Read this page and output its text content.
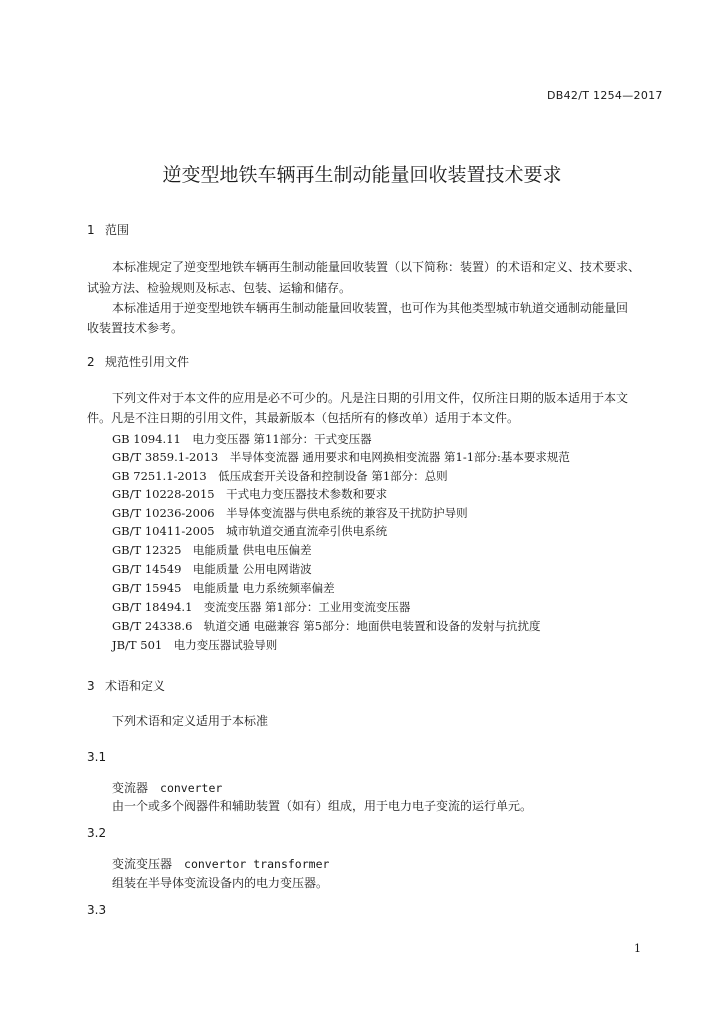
DB42/T 1254—2017
逆变型地铁车辆再生制动能量回收装置技术要求
1 范围
本标准规定了逆变型地铁车辆再生制动能量回收装置（以下简称：装置）的术语和定义、技术要求、
试验方法、检验规则及标志、包装、运输和储存。
本标准适用于逆变型地铁车辆再生制动能量回收装置，也可作为其他类型城市轨道交通制动能量回
收装置技术参考。
2 规范性引用文件
下列文件对于本文件的应用是必不可少的。凡是注日期的引用文件，仅所注日期的版本适用于本文
件。凡是不注日期的引用文件，其最新版本（包括所有的修改单）适用于本文件。
GB 1094.11　电力变压器 第11部分：干式变压器
GB/T 3859.1-2013　半导体变流器 通用要求和电网换相变流器 第1-1部分:基本要求规范
GB 7251.1-2013　低压成套开关设备和控制设备 第1部分：总则
GB/T 10228-2015　干式电力变压器技术参数和要求
GB/T 10236-2006　半导体变流器与供电系统的兼容及干扰防护导则
GB/T 10411-2005　城市轨道交通直流牵引供电系统
GB/T 12325　电能质量 供电电压偏差
GB/T 14549　电能质量 公用电网谐波
GB/T 15945　电能质量 电力系统频率偏差
GB/T 18494.1　变流变压器 第1部分：工业用变流变压器
GB/T 24338.6　轨道交通 电磁兼容 第5部分：地面供电装置和设备的发射与抗扰度
JB/T 501　电力变压器试验导则
3 术语和定义
下列术语和定义适用于本标准
3.1
变流器 converter
由一个或多个阀器件和辅助装置（如有）组成，用于电力电子变流的运行单元。
3.2
变流变压器 convertor transformer
组装在半导体变流设备内的电力变压器。
3.3
1
